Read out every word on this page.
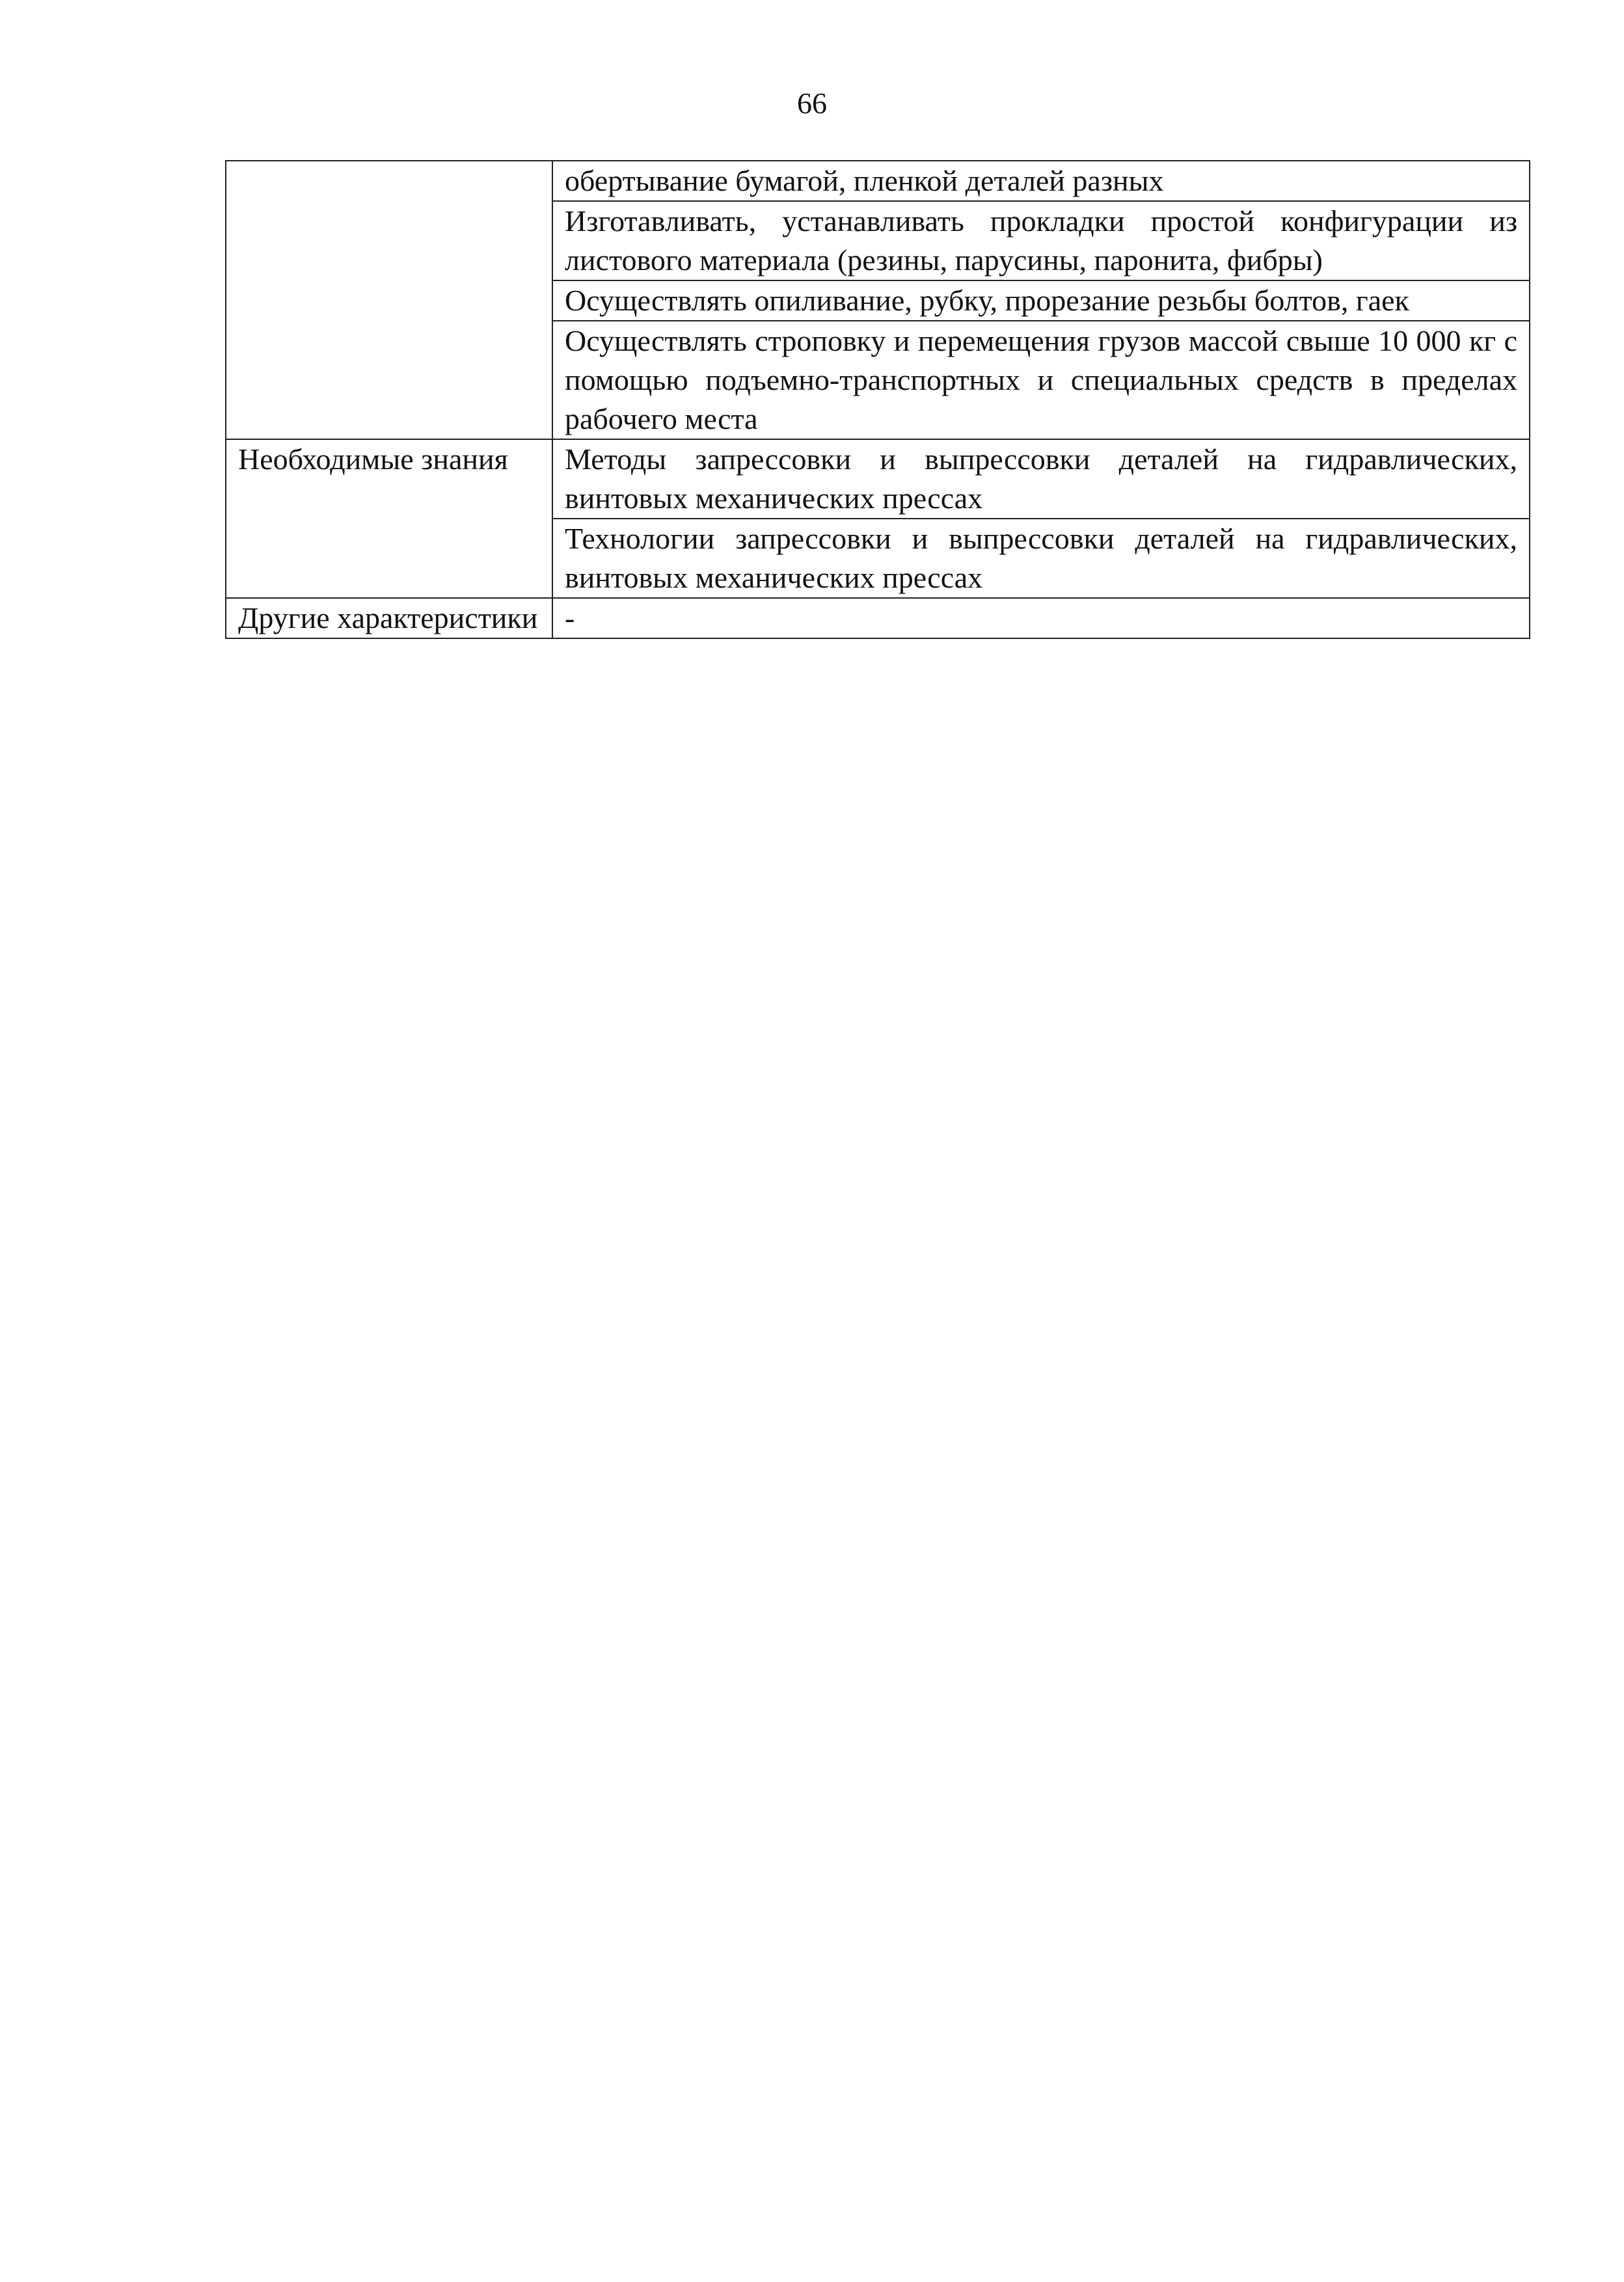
66
	обертывание бумагой, пленкой деталей разных
	Изготавливать, устанавливать прокладки простой конфигурации из листового материала (резины, парусины, паронита, фибры)
	Осуществлять опиливание, рубку, прорезание резьбы болтов, гаек
	Осуществлять строповку и перемещения грузов массой свыше 10 000 кг с помощью подъемно-транспортных и специальных средств в пределах рабочего места
Необходимые знания	Методы запрессовки и выпрессовки деталей на гидравлических, винтовых механических прессах
	Технологии запрессовки и выпрессовки деталей на гидравлических, винтовых механических прессах
Другие характеристики	-
